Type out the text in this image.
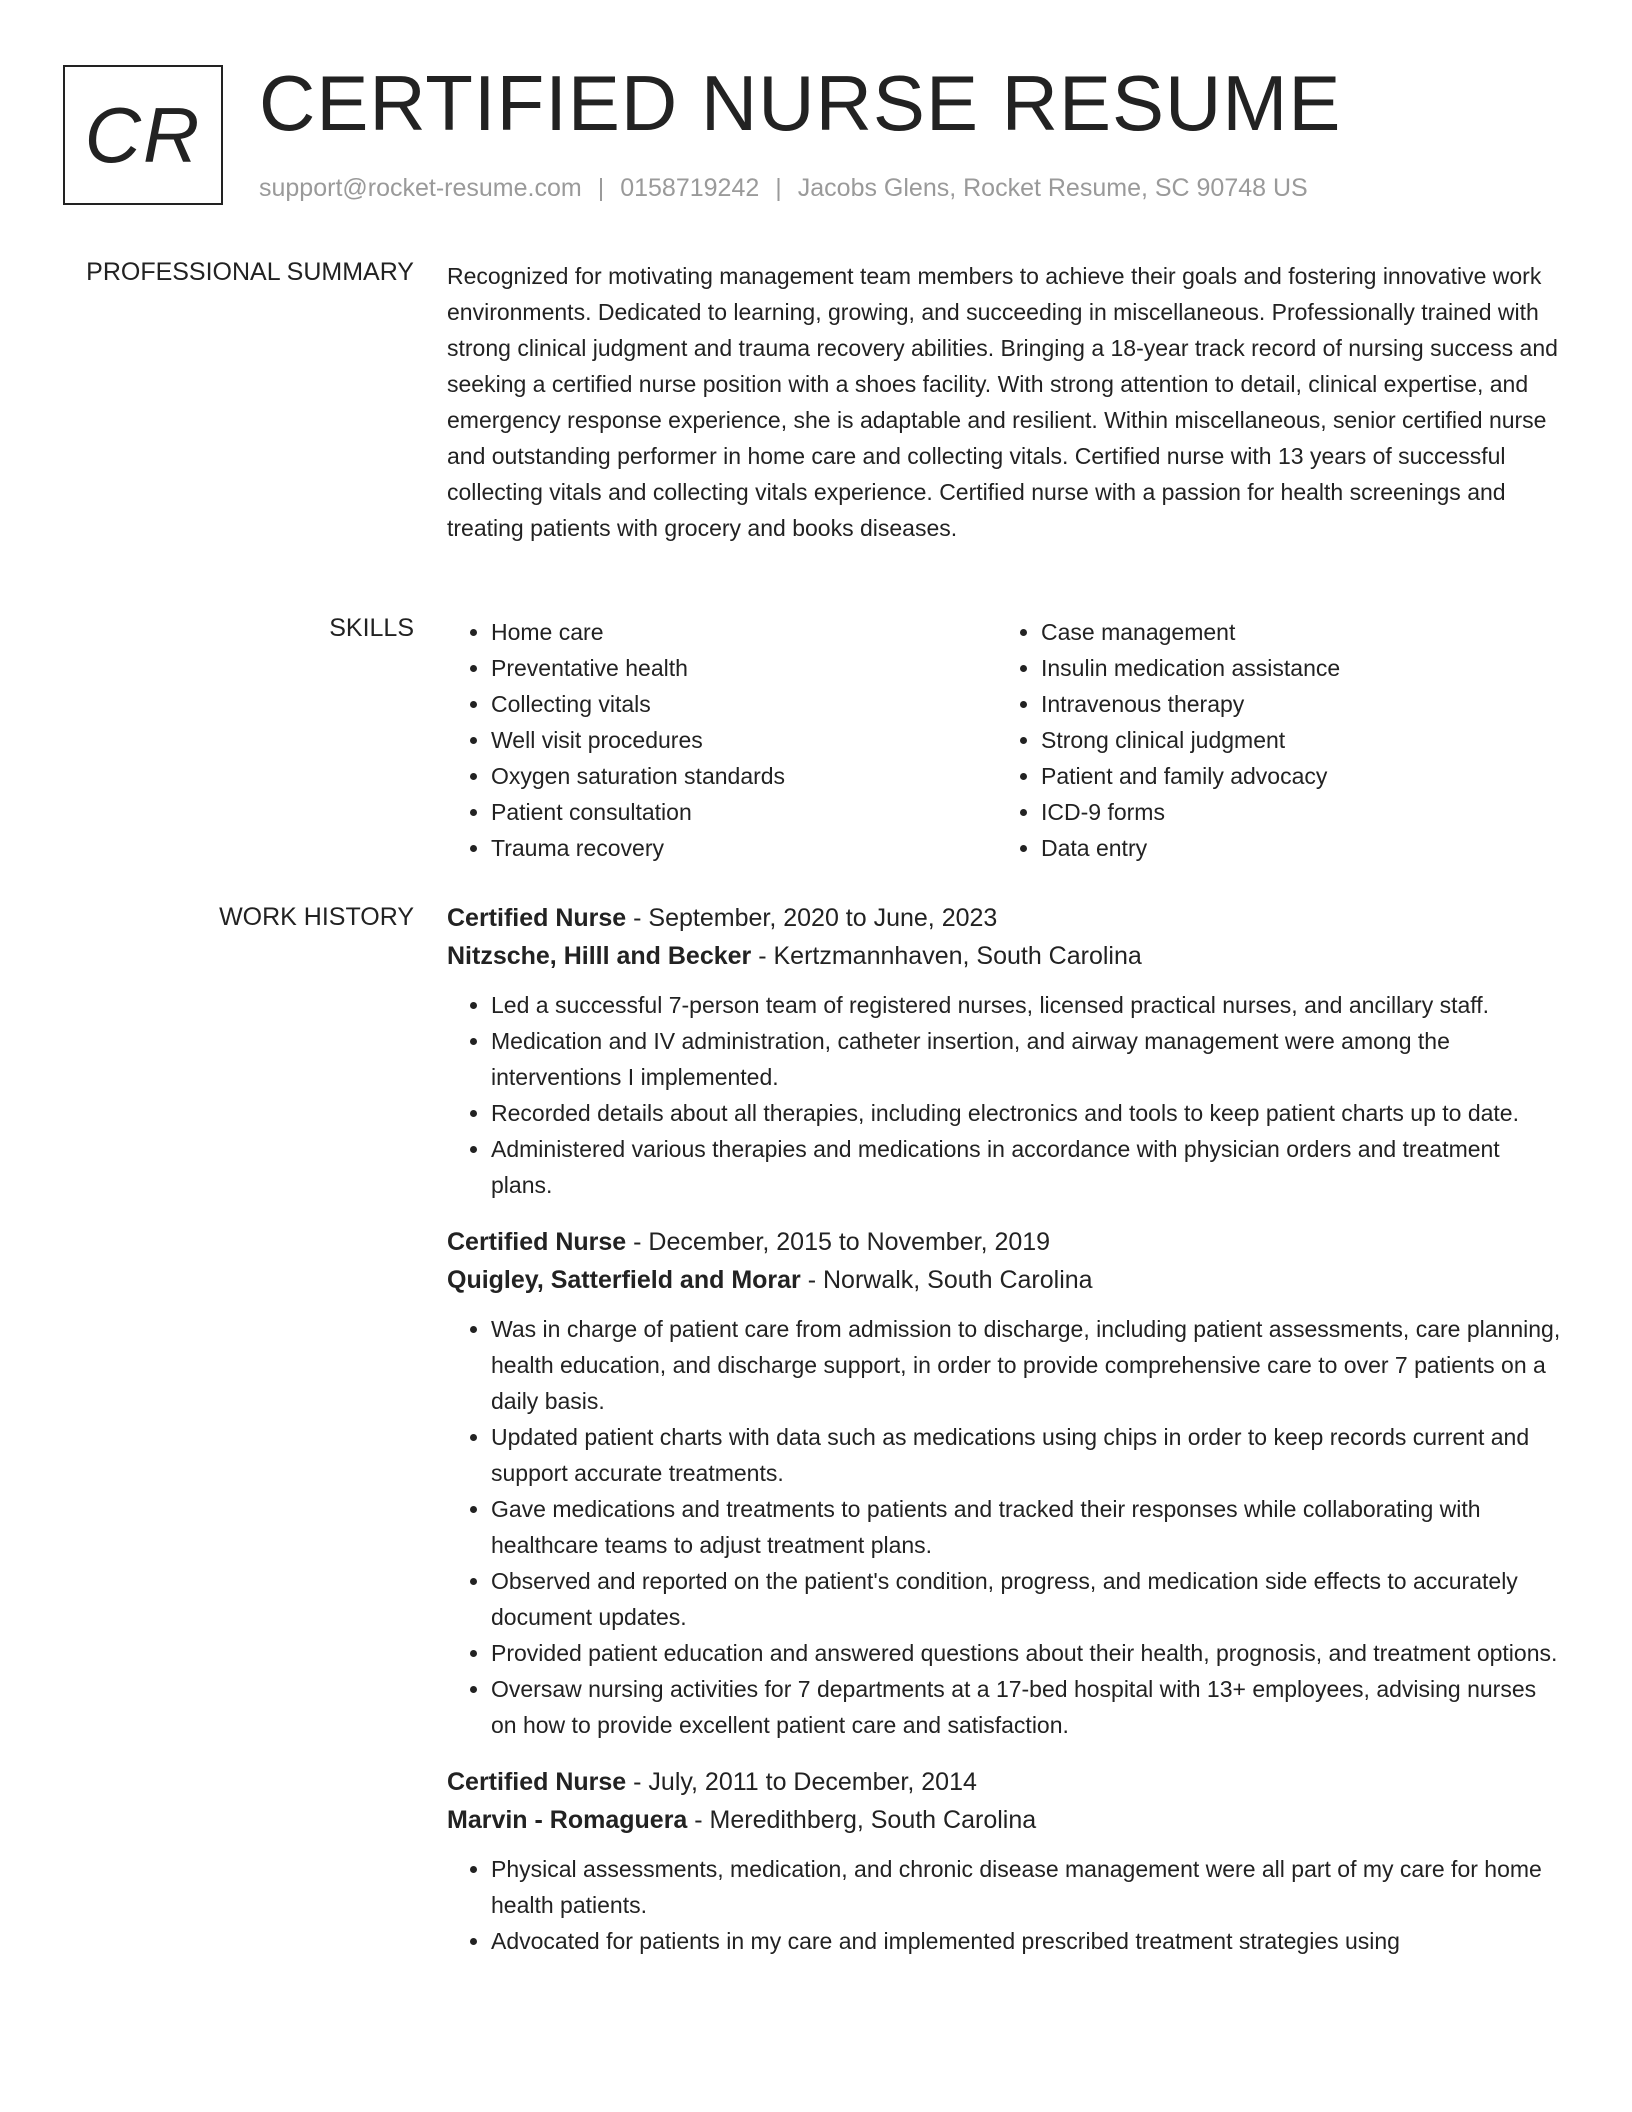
CR CERTIFIED NURSE RESUME
support@rocket-resume.com | 0158719242 | Jacobs Glens, Rocket Resume, SC 90748 US
PROFESSIONAL SUMMARY Recognized for motivating management team members to achieve their goals and fostering innovative work environments. Dedicated to learning, growing, and succeeding in miscellaneous. Professionally trained with strong clinical judgment and trauma recovery abilities. Bringing a 18-year track record of nursing success and seeking a certified nurse position with a shoes facility. With strong attention to detail, clinical expertise, and emergency response experience, she is adaptable and resilient. Within miscellaneous, senior certified nurse and outstanding performer in home care and collecting vitals. Certified nurse with 13 years of successful collecting vitals and collecting vitals experience. Certified nurse with a passion for health screenings and treating patients with grocery and books diseases.

SKILLS
•	Home care
• Preventative health
• Collecting vitals
• Well visit procedures
• Oxygen saturation standards
• Patient consultation
• Trauma recovery
• Case management
• Insulin medication assistance
• Intravenous therapy
• Strong clinical judgment
• Patient and family advocacy
• ICD-9 forms
• Data entry
WORK HISTORY Certified Nurse - September, 2020 to June, 2023
Nitzsche, Hilll and Becker - Kertzmannhaven, South Carolina
• Led a successful 7-person team of registered nurses, licensed practical nurses, and ancillary staff.
• Medication and IV administration, catheter insertion, and airway management were among the interventions I implemented.
• Recorded details about all therapies, including electronics and tools to keep patient charts up to date.
• Administered various therapies and medications in accordance with physician orders and treatment plans.
Certified Nurse - December, 2015 to November, 2019
Quigley, Satterfield and Morar - Norwalk, South Carolina
• Was in charge of patient care from admission to discharge, including patient assessments, care planning, health education, and discharge support, in order to provide comprehensive care to over 7 patients on a daily basis.
• Updated patient charts with data such as medications using chips in order to keep records current and support accurate treatments.
• Gave medications and treatments to patients and tracked their responses while collaborating with healthcare teams to adjust treatment plans.
• Observed and reported on the patient's condition, progress, and medication side effects to accurately document updates.
• Provided patient education and answered questions about their health, prognosis, and treatment options.
• Oversaw nursing activities for 7 departments at a 17-bed hospital with 13+ employees, advising nurses on how to provide excellent patient care and satisfaction.
Certified Nurse - July, 2011 to December, 2014
Marvin - Romaguera - Meredithberg, South Carolina
• Physical assessments, medication, and chronic disease management were all part of my care for home health patients.
• Advocated for patients in my care and implemented prescribed treatment strategies using
